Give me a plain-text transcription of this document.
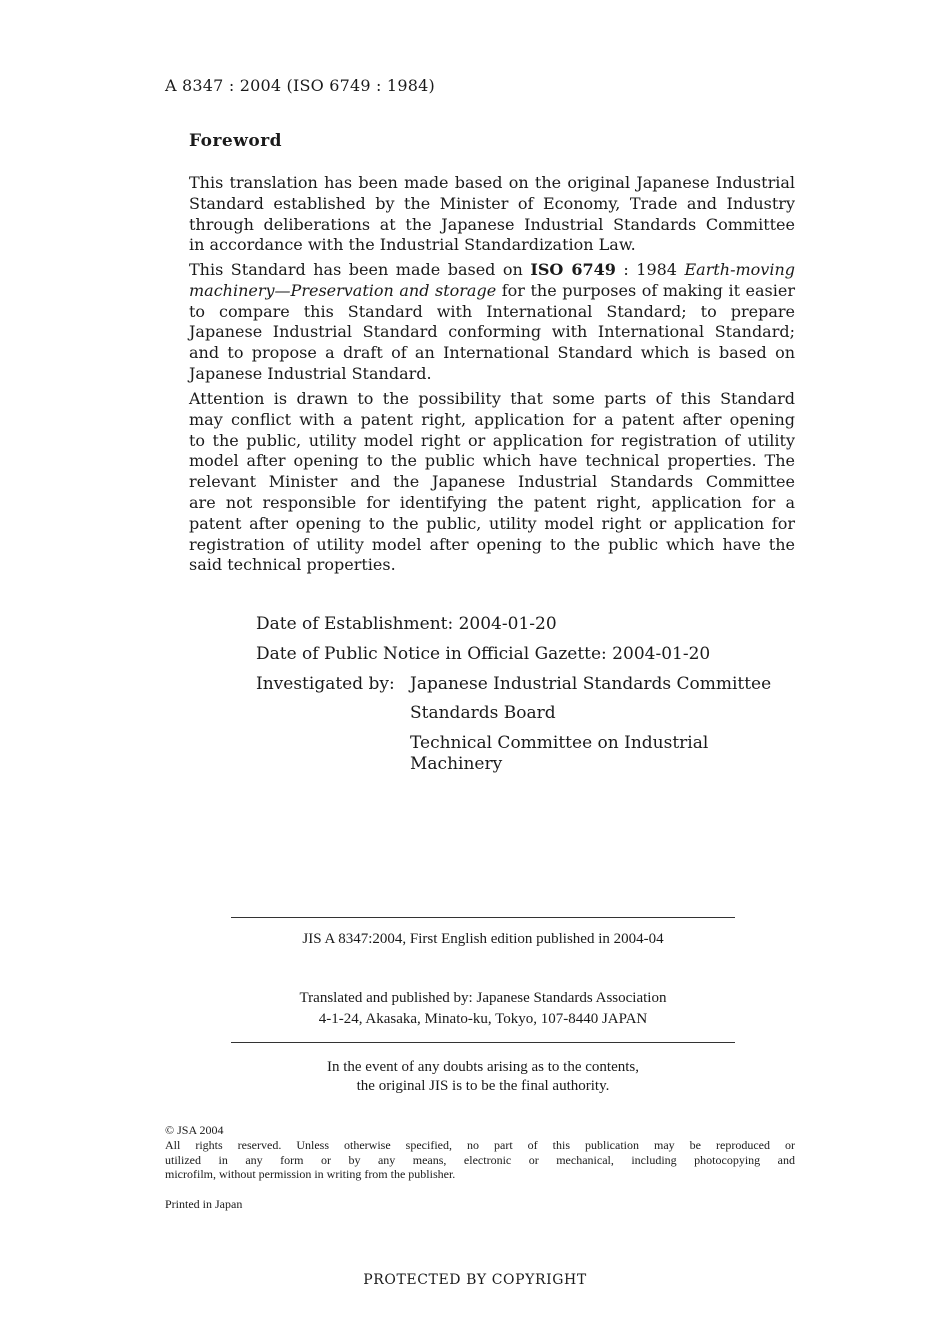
A 8347 : 2004 (ISO 6749 : 1984)
Foreword
This translation has been made based on the original Japanese Industrial
Standard established by the Minister of Economy, Trade and Industry
through deliberations at the Japanese Industrial Standards Committee
in accordance with the Industrial Standardization Law.
This Standard has been made based on ISO 6749 : 1984 Earth-moving
machinery—Preservation and storage for the purposes of making it easier
to compare this Standard with International Standard; to prepare
Japanese Industrial Standard conforming with International Standard;
and to propose a draft of an International Standard which is based on
Japanese Industrial Standard.
Attention is drawn to the possibility that some parts of this Standard
may conflict with a patent right, application for a patent after opening
to the public, utility model right or application for registration of utility
model after opening to the public which have technical properties. The
relevant Minister and the Japanese Industrial Standards Committee
are not responsible for identifying the patent right, application for a
patent after opening to the public, utility model right or application for
registration of utility model after opening to the public which have the
said technical properties.
Date of Establishment: 2004-01-20
Date of Public Notice in Official Gazette: 2004-01-20
Investigated by: Japanese Industrial Standards Committee
Standards Board
Technical Committee on Industrial
Machinery
JIS A 8347:2004, First English edition published in 2004-04
Translated and published by: Japanese Standards Association
4-1-24, Akasaka, Minato-ku, Tokyo, 107-8440 JAPAN
In the event of any doubts arising as to the contents,
the original JIS is to be the final authority.
© JSA 2004
All rights reserved. Unless otherwise specified, no part of this publication may be reproduced or
utilized in any form or by any means, electronic or mechanical, including photocopying and
microfilm, without permission in writing from the publisher.
Printed in Japan
PROTECTED BY COPYRIGHT
